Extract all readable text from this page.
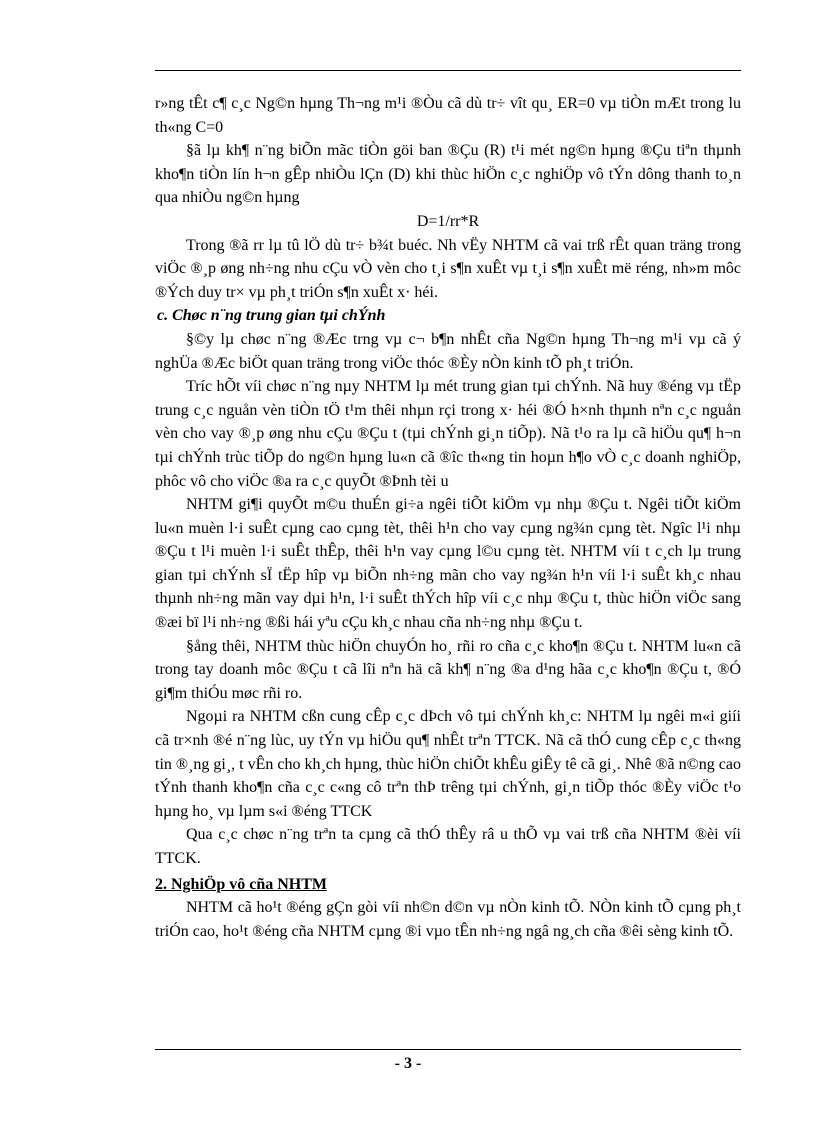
r»ng tÊt c¶ c¸c Ng©n hµng Th¬ng m¹i ®Òu cã dù tr÷ vît qu¸ ER=0 vµ tiÒn mÆt trong lu th«ng C=0

§ã lµ kh¶ n¨ng biÕn mãc tiÒn göi ban ®Çu (R) t¹i mét ng©n hµng ®Çu tiªn thµnh kho¶n tiÒn lín h¬n gÊp nhiÒu lÇn (D) khi thùc hiÖn c¸c nghiÖp vô tÝn dông thanh to¸n qua nhiÒu ng©n hµng

D=1/rr*R

Trong ®ã rr lµ tû lÖ dù tr÷ b¾t buéc. Nh vËy NHTM cã vai trß rÊt quan träng trong viÖc ®¸p øng nh÷ng nhu cÇu vÒ vèn cho t¸i s¶n xuÊt vµ t¸i s¶n xuÊt më réng, nh»m môc ®Ých duy tr× vµ ph¸t triÓn s¶n xuÊt x· héi.

c. Chøc n¨ng trung gian tµi chÝnh

§©y lµ chøc n¨ng ®Æc trng vµ c¬ b¶n nhÊt cña Ng©n hµng Th¬ng m¹i vµ cã ý nghÜa ®Æc biÖt quan träng trong viÖc thóc ®Èy nÒn kinh tÕ ph¸t triÓn.

Tríc hÕt víi chøc n¨ng nµy NHTM lµ mét trung gian tµi chÝnh. Nã huy ®éng vµ tËp trung c¸c nguån vèn tiÒn tÖ t¹m thêi nhµn rçi trong x· héi ®Ó h×nh thµnh nªn c¸c nguån vèn cho vay ®¸p øng nhu cÇu ®Çu t (tµi chÝnh gi¸n tiÕp). Nã t¹o ra lµ cã hiÖu qu¶ h¬n tµi chÝnh trùc tiÕp do ng©n hµng lu«n cã ®îc th«ng tin hoµn h¶o vÒ c¸c doanh nghiÖp, phôc vô cho viÖc ®a ra c¸c quyÕt ®Þnh tèi u

NHTM gi¶i quyÕt m©u thuÉn gi÷a ngêi tiÕt kiÖm vµ nhµ ®Çu t. Ngêi tiÕt kiÖm lu«n muèn l·i suÊt cµng cao cµng tèt, thêi h¹n cho vay cµng ng¾n cµng tèt. Ngîc l¹i nhµ ®Çu t l¹i muèn l·i suÊt thÊp, thêi h¹n vay cµng l©u cµng tèt. NHTM víi t c¸ch lµ trung gian tµi chÝnh sÏ tËp hîp vµ biÕn nh÷ng mãn cho vay ng¾n h¹n víi l·i suÊt kh¸c nhau thµnh nh÷ng mãn vay dµi h¹n, l·i suÊt thÝch hîp víi c¸c nhµ ®Çu t, thùc hiÖn viÖc sang ®æi bï l¹i nh÷ng ®ßi hái yªu cÇu kh¸c nhau cña nh÷ng nhµ ®Çu t.

§ång thêi, NHTM thùc hiÖn chuyÓn ho¸ rñi ro cña c¸c kho¶n ®Çu t. NHTM lu«n cã trong tay doanh môc ®Çu t cã lîi nªn hä cã kh¶ n¨ng ®a d¹ng hãa c¸c kho¶n ®Çu t, ®Ó gi¶m thiÓu møc rñi ro.

Ngoµi ra NHTM cßn cung cÊp c¸c dÞch vô tµi chÝnh kh¸c: NHTM lµ ngêi m«i giíi cã tr×nh ®é n¨ng lùc, uy tÝn vµ hiÖu qu¶ nhÊt trªn TTCK. Nã cã thÓ cung cÊp c¸c th«ng tin ®¸ng gi¸, t vÊn cho kh¸ch hµng, thùc hiÖn chiÕt khÊu giÊy tê cã gi¸. Nhê ®ã n©ng cao tÝnh thanh kho¶n cña c¸c c«ng cô trªn thÞ trêng tµi chÝnh, gi¸n tiÕp thóc ®Èy viÖc t¹o hµng ho¸ vµ lµm s«i ®éng TTCK

Qua c¸c chøc n¨ng trªn ta cµng cã thÓ thÊy râ u thÕ vµ vai trß cña NHTM ®èi víi TTCK.

2. NghiÖp vô cña NHTM

NHTM cã ho¹t ®éng gÇn gòi víi nh©n d©n vµ nÒn kinh tÕ. NÒn kinh tÕ cµng ph¸t triÓn cao, ho¹t ®éng cña NHTM cµng ®i vµo tÊn nh÷ng ngâ ng¸ch cña ®êi sèng kinh tÕ.

- 3 -
